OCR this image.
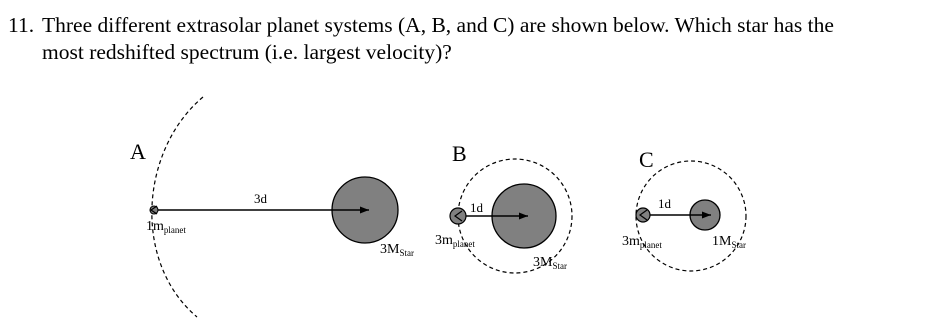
11. Three different extrasolar planet systems (A, B, and C) are shown below. Which star has the
most redshifted spectrum (i.e. largest velocity)?
A
3d
$1m_{planet}$
$3M_{Star}$
B
1d
$3m_{planet}$
$3M_{Star}$
C
1d
$3m_{planet}$	$1M_{Star}$
